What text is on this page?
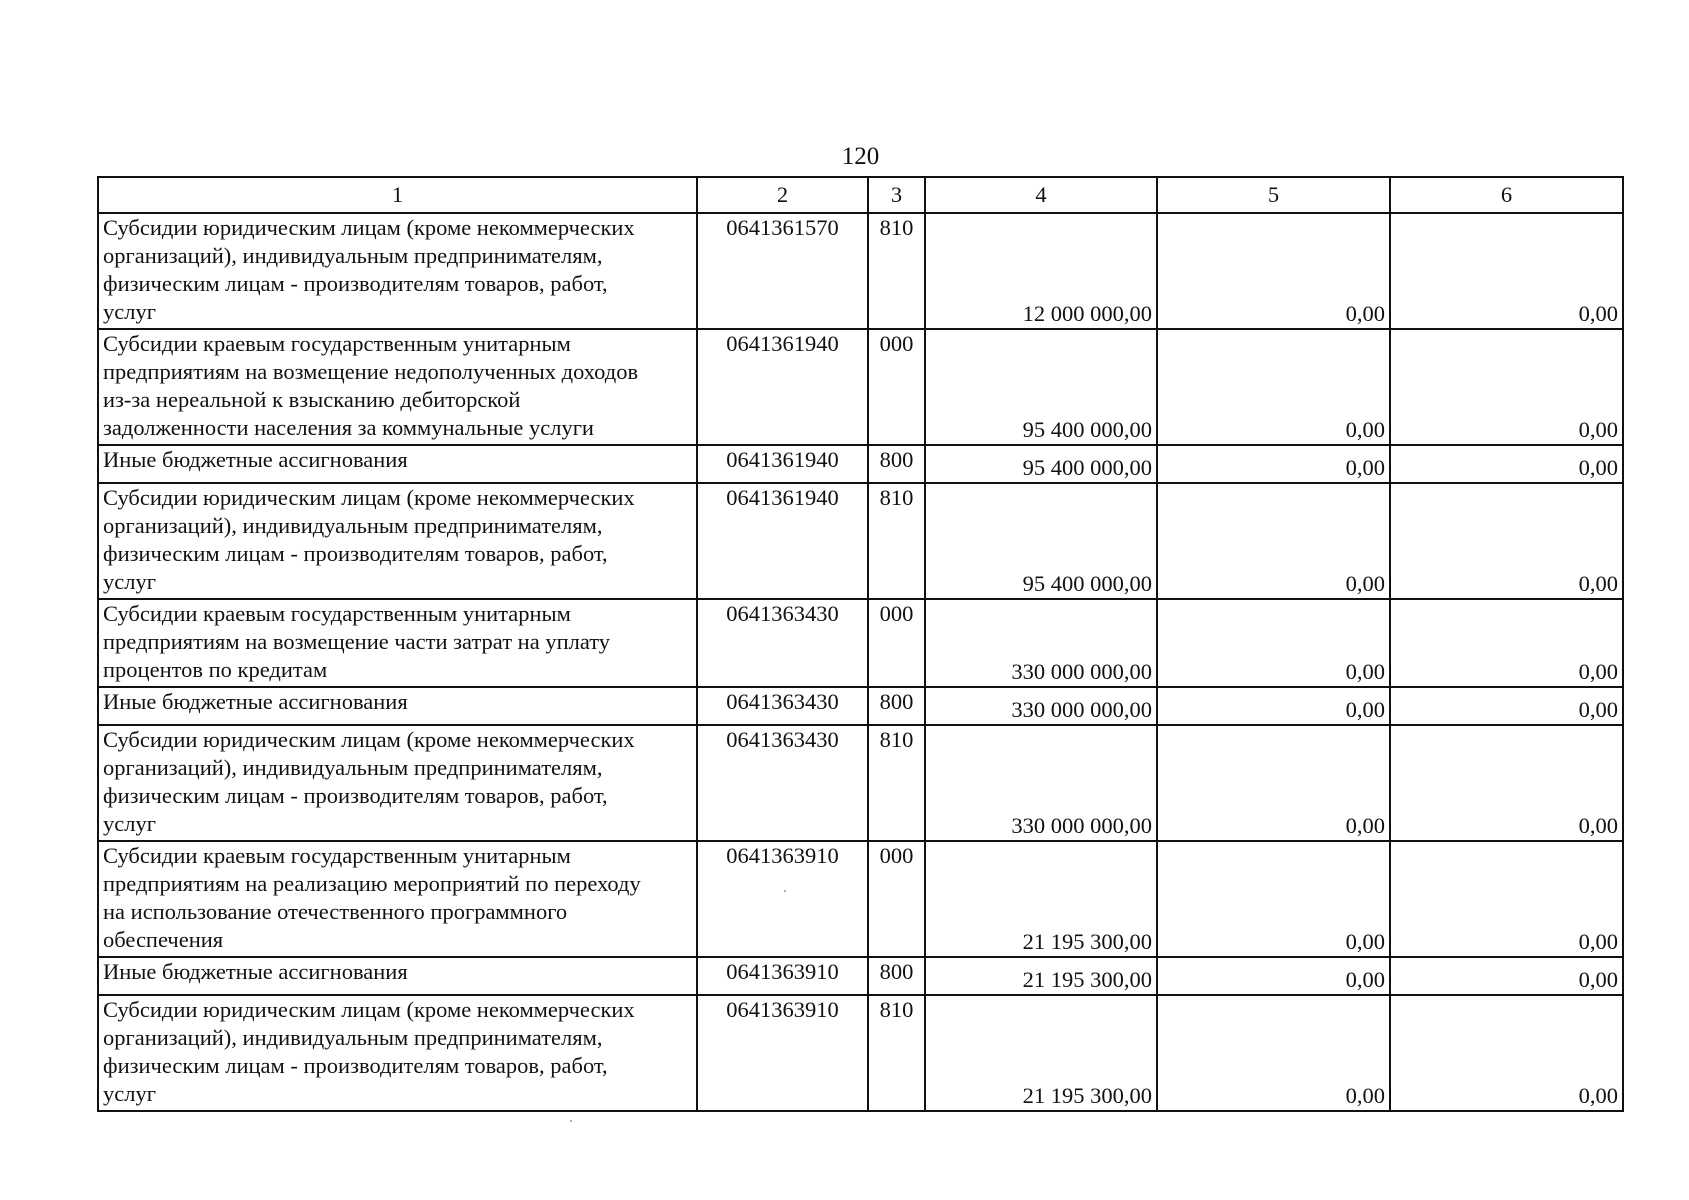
120
1	2	3	4	5	6

Субсидии юридическим лицам (кроме некоммерческих
организаций), индивидуальным предпринимателям,
физическим лицам - производителям товаров, работ,
услуг	0641361570	810	12 000 000,00	0,00	0,00

Субсидии краевым государственным унитарным
предприятиям на возмещение недополученных доходов
из-за нереальной к взысканию дебиторской
задолженности населения за коммунальные услуги	0641361940	000	95 400 000,00	0,00	0,00

Иные бюджетные ассигнования	0641361940	800	95 400 000,00	0,00	0,00

Субсидии юридическим лицам (кроме некоммерческих
организаций), индивидуальным предпринимателям,
физическим лицам - производителям товаров, работ,
услуг	0641361940	810	95 400 000,00	0,00	0,00

Субсидии краевым государственным унитарным
предприятиям на возмещение части затрат на уплату
процентов по кредитам	0641363430	000	330 000 000,00	0,00	0,00

Иные бюджетные ассигнования	0641363430	800	330 000 000,00	0,00	0,00

Субсидии юридическим лицам (кроме некоммерческих
организаций), индивидуальным предпринимателям,
физическим лицам - производителям товаров, работ,
услуг	0641363430	810	330 000 000,00	0,00	0,00

Субсидии краевым государственным унитарным
предприятиям на реализацию мероприятий по переходу
на использование отечественного программного
обеспечения	0641363910	000	21 195 300,00	0,00	0,00

Иные бюджетные ассигнования	0641363910	800	21 195 300,00	0,00	0,00

Субсидии юридическим лицам (кроме некоммерческих
организаций), индивидуальным предпринимателям,
физическим лицам - производителям товаров, работ,
услуг	0641363910	810	21 195 300,00	0,00	0,00
